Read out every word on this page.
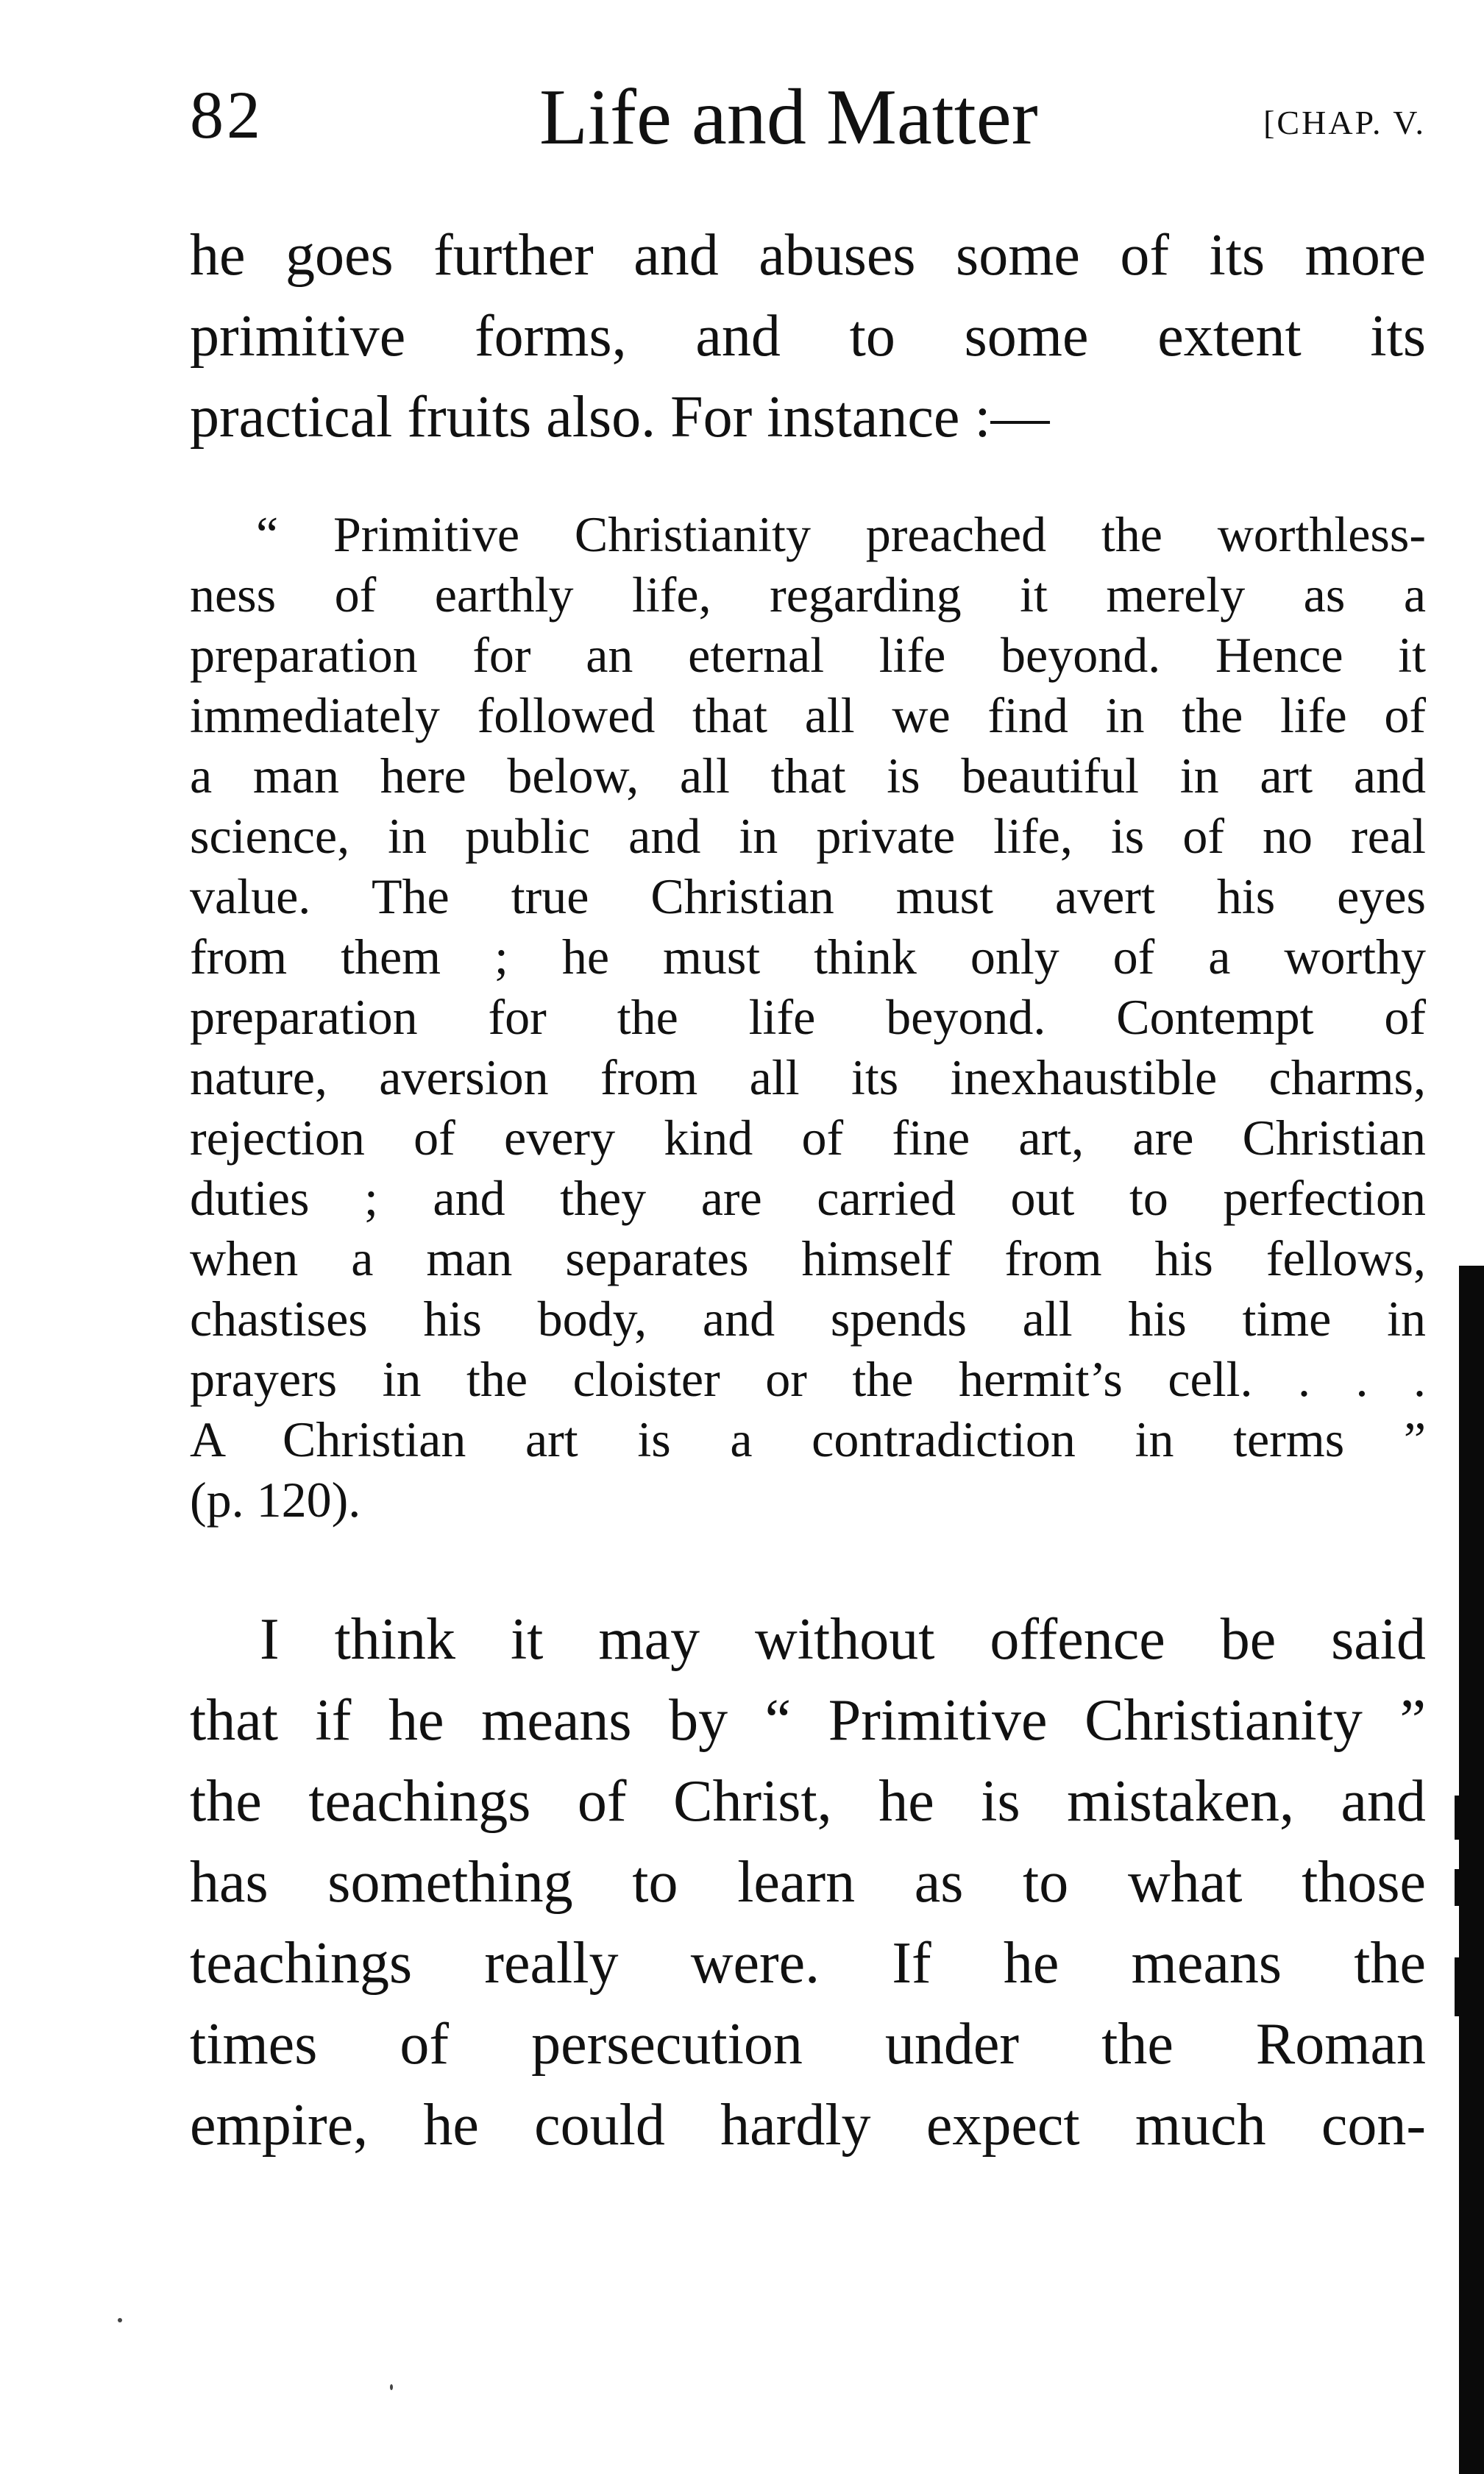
82	Life and Matter	[CHAP. V.
he goes further and abuses some of its more
primitive forms, and to some extent its
practical fruits also. For instance :—
“ Primitive Christianity preached the worthless-
ness of earthly life, regarding it merely as a
preparation for an eternal life beyond. Hence it
immediately followed that all we find in the life of
a man here below, all that is beautiful in art and
science, in public and in private life, is of no real
value. The true Christian must avert his eyes
from them ; he must think only of a worthy
preparation for the life beyond. Contempt of
nature, aversion from all its inexhaustible charms,
rejection of every kind of fine art, are Christian
duties ; and they are carried out to perfection
when a man separates himself from his fellows,
chastises his body, and spends all his time in
prayers in the cloister or the hermit’s cell. . . .
A Christian art is a contradiction in terms ”
(p. 120).
I think it may without offence be said
that if he means by “ Primitive Christianity ”
the teachings of Christ, he is mistaken, and
has something to learn as to what those
teachings really were. If he means the
times of persecution under the Roman
empire, he could hardly expect much con-
